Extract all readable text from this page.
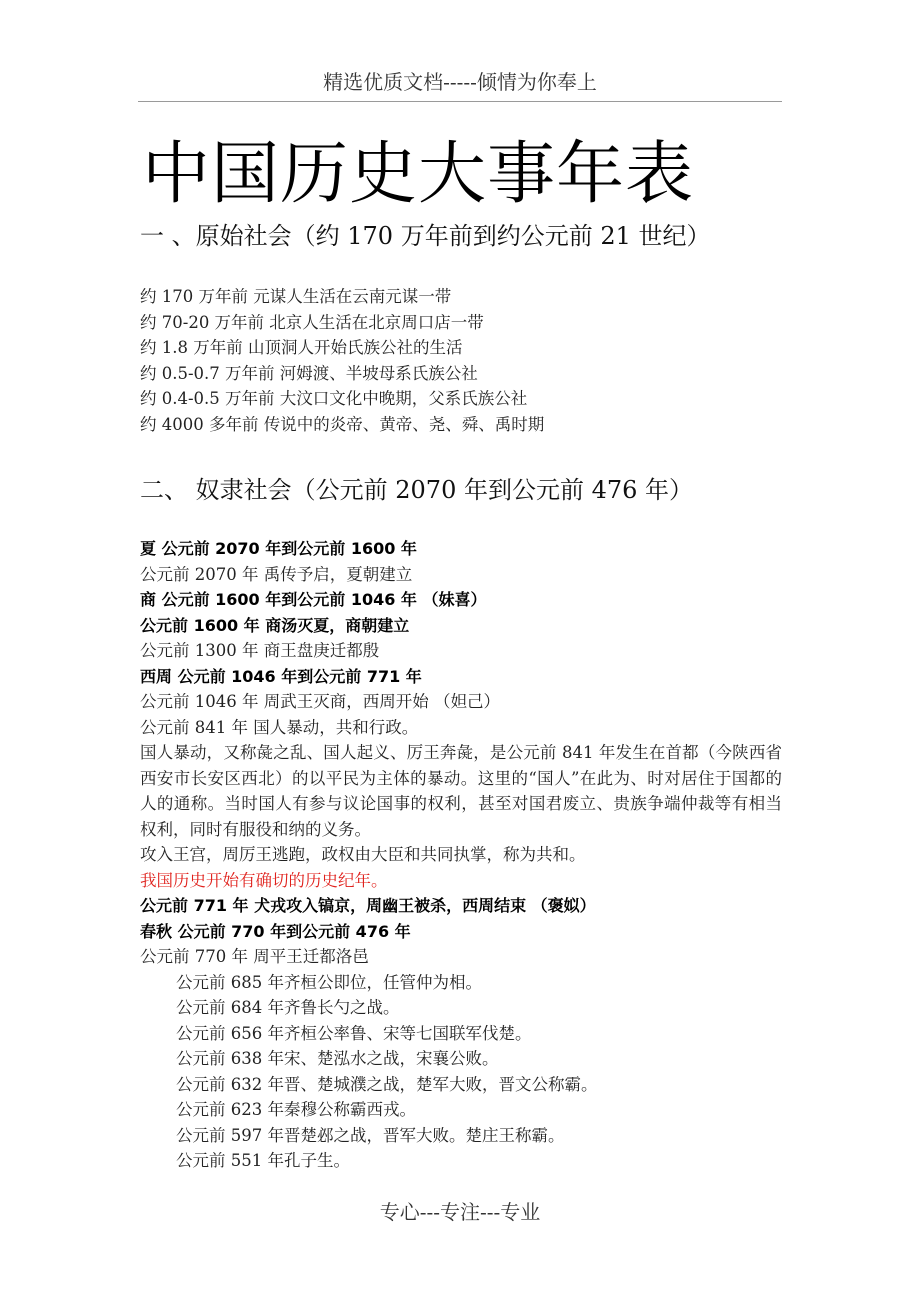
精选优质文档-----倾情为你奉上
中国历史大事年表
一 、原始社会（约 170 万年前到约公元前 21 世纪）
约 170 万年前 元谋人生活在云南元谋一带
约 70-20 万年前 北京人生活在北京周口店一带
约 1.8 万年前 山顶洞人开始氏族公社的生活
约 0.5-0.7 万年前 河姆渡、半坡母系氏族公社
约 0.4-0.5 万年前 大汶口文化中晚期，父系氏族公社
约 4000 多年前 传说中的炎帝、黄帝、尧、舜、禹时期
二、 奴隶社会（公元前 2070 年到公元前 476 年）
夏 公元前 2070 年到公元前 1600 年
公元前 2070 年 禹传予启，夏朝建立
商 公元前 1600 年到公元前 1046 年 （妹喜）
公元前 1600 年 商汤灭夏，商朝建立
公元前 1300 年 商王盘庚迁都殷
西周 公元前 1046 年到公元前 771 年
公元前 1046 年 周武王灭商，西周开始 （妲己）
公元前 841 年 国人暴动，共和行政。
国人暴动，又称彘之乱、国人起义、厉王奔彘，是公元前 841 年发生在首都（今陕西省西安市长安区西北）的以平民为主体的暴动。这里的“国人”在此为、时对居住于国都的人的通称。当时国人有参与议论国事的权利，甚至对国君废立、贵族争端仲裁等有相当权利，同时有服役和纳的义务。
攻入王宫，周厉王逃跑，政权由大臣和共同执掌，称为共和。
我国历史开始有确切的历史纪年。
公元前 771 年 犬戎攻入镐京，周幽王被杀，西周结束 （褒姒）
春秋 公元前 770 年到公元前 476 年
公元前 770 年 周平王迁都洛邑
公元前 685 年齐桓公即位，任管仲为相。
公元前 684 年齐鲁长勺之战。
公元前 656 年齐桓公率鲁、宋等七国联军伐楚。
公元前 638 年宋、楚泓水之战，宋襄公败。
公元前 632 年晋、楚城濮之战，楚军大败，晋文公称霸。
公元前 623 年秦穆公称霸西戎。
公元前 597 年晋楚邲之战，晋军大败。楚庄王称霸。
公元前 551 年孔子生。
专心---专注---专业
